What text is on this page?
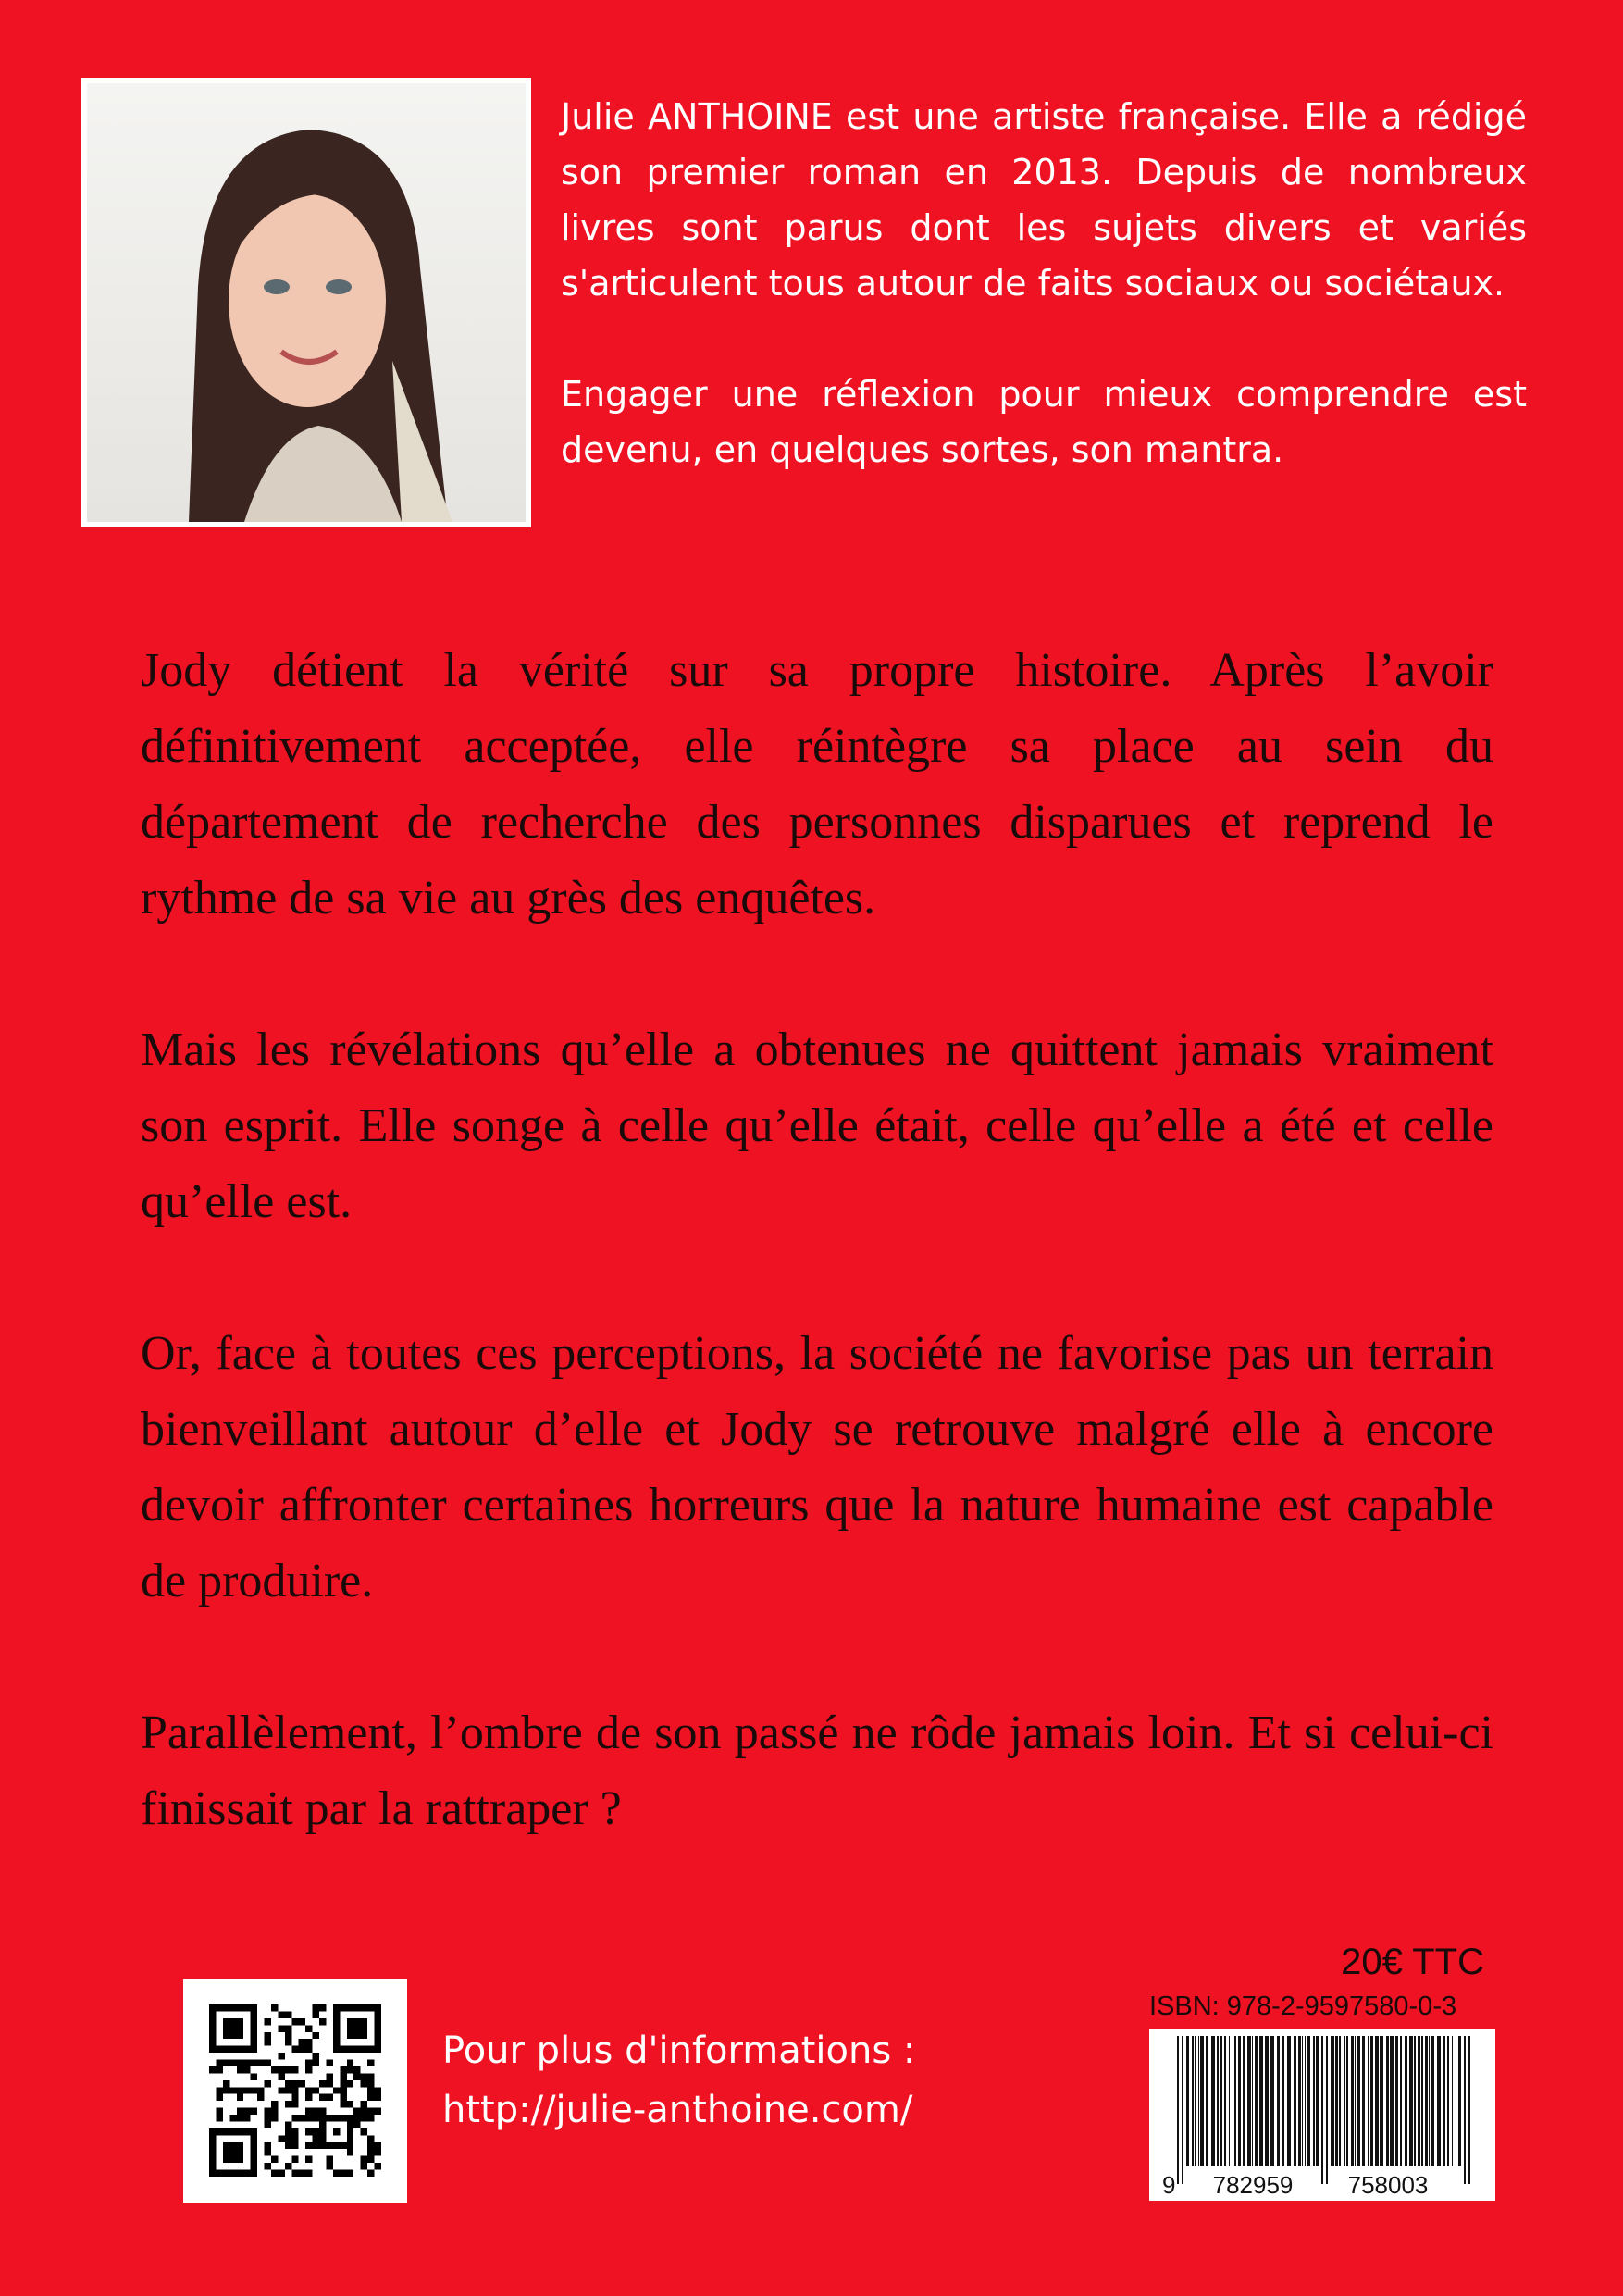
Julie ANTHOINE est une artiste française. Elle a rédigé son premier roman en 2013. Depuis de nombreux livres sont parus dont les sujets divers et variés s'articulent tous autour de faits sociaux ou sociétaux.

Engager une réflexion pour mieux comprendre est devenu, en quelques sortes, son mantra.

Jody détient la vérité sur sa propre histoire. Après l’avoir définitivement acceptée, elle réintègre sa place au sein du département de recherche des personnes disparues et reprend le rythme de sa vie au grès des enquêtes.

Mais les révélations qu’elle a obtenues ne quittent jamais vraiment son esprit. Elle songe à celle qu’elle était, celle qu’elle a été et celle qu’elle est.

Or, face à toutes ces perceptions, la société ne favorise pas un terrain bienveillant autour d’elle et Jody se retrouve malgré elle à encore devoir affronter certaines horreurs que la nature humaine est capable de produire.

Parallèlement, l’ombre de son passé ne rôde jamais loin. Et si celui-ci finissait par la rattraper ?

Pour plus d'informations :
http://julie-anthoine.com/
20€ TTC
ISBN: 978-2-9597580-0-3
9 782959 758003
